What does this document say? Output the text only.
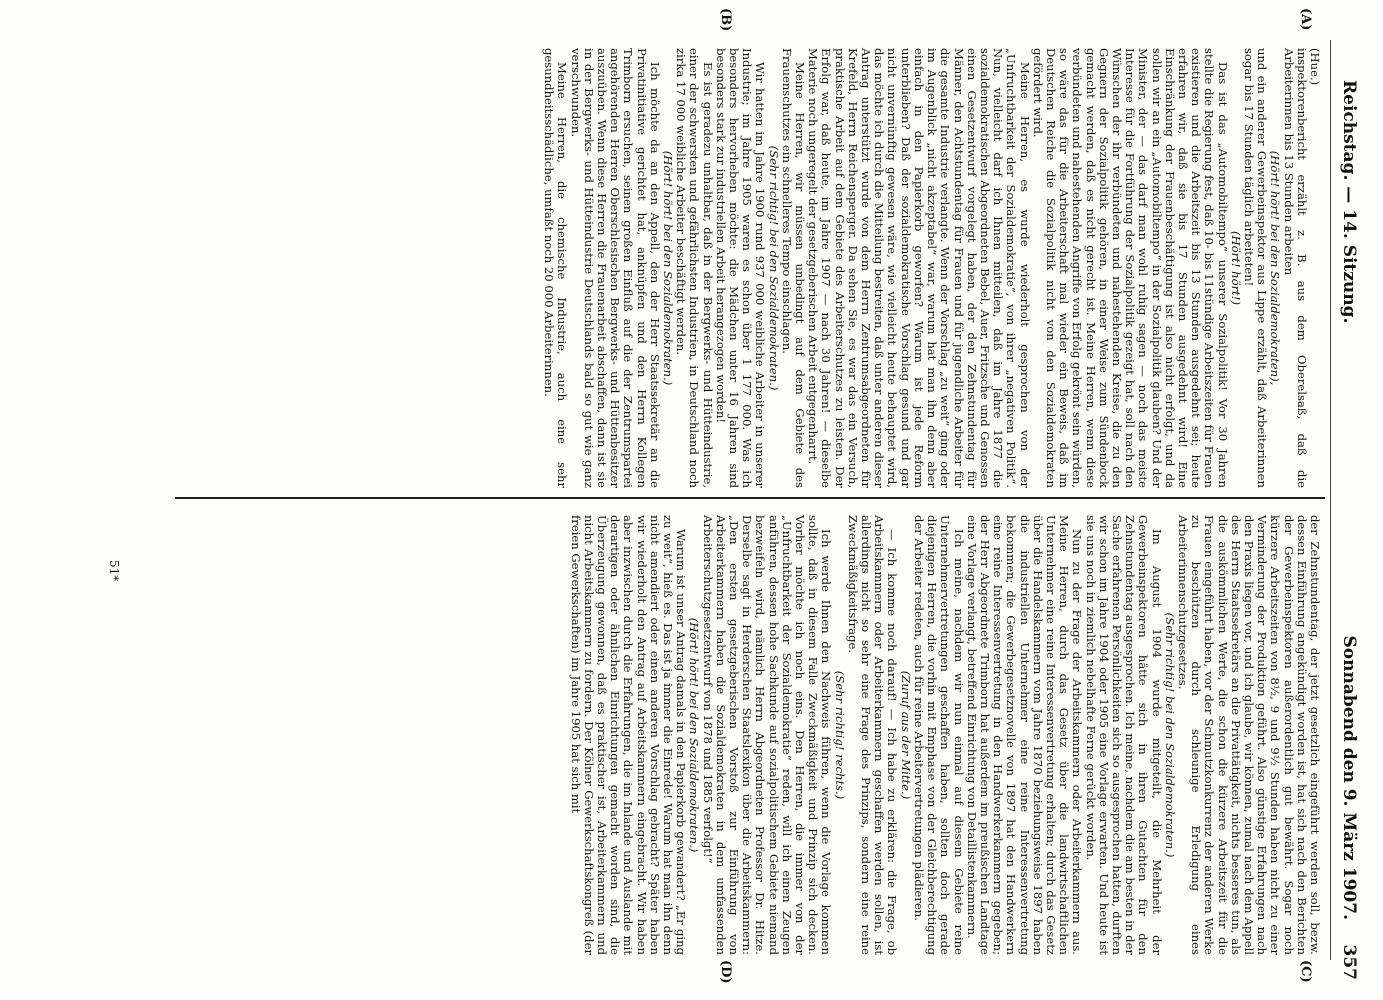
Reichstag. — 14. Sitzung.
Sonnabend den 9. März 1907.
357
(A)
(B)
(C)
(D)

(Hue.)

inspektorenbericht erzählt z. B. aus dem Oberelsaß, daß die Arbeiterinnen bis 13 Stunden arbeiten

(Hört! hört! bei den Sozialdemokraten),

und ein anderer Gewerbeinspektor aus Lippe erzählt, daß Arbeiterinnen sogar bis 17 Stunden täglich arbeiteten!

(Hört! hört!)

Das ist das „Automobiltempo“ unserer Sozialpolitik! Vor 30 Jahren stellte die Regierung fest, daß 10- bis 11stündige Arbeitszeiten für Frauen existieren und die Arbeitszeit bis 13 Stunden ausgedehnt sei; heute erfahren wir, daß sie bis 17 Stunden ausgedehnt wird! Eine Einschränkung der Frauenbeschäftigung ist also nicht erfolgt, und da sollen wir an ein „Automobiltempo“ in der Sozialpolitik glauben? Und der Minister, der — das darf man wohl ruhig sagen — noch das meiste Interesse für die Fortführung der Sozialpolitik gezeigt hat, soll nach den Wünschen der ihr verbündeten und nahestehenden Kreise, die zu den Gegnern der Sozialpolitik gehören, in einer Weise zum Sündenbock gemacht werden, daß es nicht gerecht ist. Meine Herren, wenn diese verbündeten und nahestehenden Angriffe von Erfolg gekrönt sein würden, so wäre das für die Arbeiterschaft mal wieder ein Beweis, daß im Deutschen Reiche die Sozialpolitik nicht von den Sozialdemokraten gefördert wird.

Meine Herren, es wurde wiederholt gesprochen von der „Unfruchtbarkeit der Sozialdemokratie“, von ihrer „negativen Politik“. Nun, vielleicht darf ich Ihnen mitteilen, daß im Jahre 1877 die sozialdemokratischen Abgeordneten Bebel, Auer, Fritzsche und Genossen einen Gesetzentwurf vorgelegt haben, der den Zehnstundentag für Männer, den Achtstundentag für Frauen und für jugendliche Arbeiter für die gesamte Industrie verlangte. Wenn der Vorschlag „zu weit“ ging oder im Augenblick „nicht akzeptabel“ war, warum hat man ihn denn aber einfach in den Papierkorb geworfen? Warum ist jede Reform unterblieben? Daß der sozialdemokratische Vorschlag gesund und gar nicht unvernünftig gewesen wäre, wie vielleicht heute behauptet wird, das möchte ich durch die Mitteilung bestreiten, daß unter anderen dieser Antrag unterstützt wurde von dem Herrn Zentrumsabgeordneten für Krefeld, Herrn Reichensperger. Da sehen Sie, es war das ein Versuch, praktische Arbeit auf dem Gebiete des Arbeiterschutzes zu leisten. Der Erfolg war, daß heute, im Jahre 1907 — nach 30 Jahren! — dieselbe Materie noch ungeregelt der gesetzgeberischen Arbeit entgegenharrt.

Meine Herren, wir müssen unbedingt auf dem Gebiete des Frauenschutzes ein schnelleres Tempo einschlagen.

(Sehr richtig! bei den Sozialdemokraten.)

Wir hatten im Jahre 1900 rund 937 000 weibliche Arbeiter in unserer Industrie; im Jahre 1905 waren es schon über 1 177 000. Was ich besonders hervorheben möchte: die Mädchen unter 16 Jahren sind besonders stark zur industriellen Arbeit herangezogen worden!

Es ist geradezu unhaltbar, daß in der Bergwerks- und Hütteindustrie, einer der schwersten und gefährlichsten Industrien, in Deutschland noch zirka 17 000 weibliche Arbeiter beschäftigt werden.

(Hört! hört! bei den Sozialdemokraten.)

Ich möchte da an den Appell, den der Herr Staatssekretär an die Privatinitiative gerichtet hat, anknüpfen und den Herrn Kollegen Trimborn ersuchen, seinen großen Einfluß auf die der Zentrumspartei angehörenden Herren Oberschlesischen Bergwerks- und Hüttenbesitzer auszuüben. Wenn diese Herren die Frauenarbeit abschaffen, dann ist sie in der Bergwerks- und Hütteindustrie Deutschlands bald so gut wie ganz verschwunden.

Meine Herren, die chemische Industrie, auch eine sehr gesundheitsschädliche, umfaßt noch 20 000 Arbeiterinnen.

der Zehnstundentag, der jetzt gesetzlich eingeführt werden soll, bezw. dessen Einführung angekündigt worden ist, hat sich nach den Berichten der Gewerbeinspektoren außerordentlich gut bewährt. Sogar noch kürzere Arbeitszeiten von 8½, 9 und 9½ Stunden haben nicht zu einer Verminderung der Produktion geführt. Also günstige Erfahrungen nach den Praxis liegen vor, und ich glaube, wir können, zumal nach dem Appell des Herrn Staatssekretärs an die Privattätigkeit, nichts besseres tun, als die auskömmlichen Werte, die schon die kürzere Arbeitszeit für die Frauen eingeführt haben, vor der Schmutzkonkurrenz der anderen Werke zu beschützen durch schleunige Erledigung eines Arbeiterinnenschutzgesetzes.

(Sehr richtig! bei den Sozialdemokraten.)

Im August 1904 wurde mitgeteilt, die Mehrheit der Gewerbeinspektoren hätte sich in ihren Gutachten für den Zehnstundentag ausgesprochen. Ich meine, nachdem die am besten in der Sache erfahrenen Persönlichkeiten sich so ausgesprochen hatten, durften wir schon im Jahre 1904 oder 1905 eine Vorlage erwarten. Und heute ist sie uns noch in ziemlich nebelhafte Ferne gerückt worden.

Nun zu der Frage der Arbeitskammern oder Arbeiterkammern aus. Meine Herren, durch das Gesetz über die landwirtschaftlichen Unternehmer eine reine Interessenvertretung erhalten; durch das Gesetz über die Handelskammern vom Jahre 1870 beziehungsweise 1897 haben die industriellen Unternehmer eine reine Interessenvertretung bekommen; die Gewerbegesetznovelle von 1897 hat den Handwerkern eine reine Interessenvertretung in den Handwerkerkammern gegeben; der Herr Abgeordnete Trimborn hat außerdem im preußischen Landtage eine Vorlage verlangt, betreffend Einrichtung von Detaillistenkammern.

Ich meine, nachdem wir nun einmal auf diesem Gebiete reine Unternehmervertretungen geschaffen haben, sollten doch gerade diejenigen Herren, die vorhin mit Emphase von der Gleichberechtigung der Arbeiter redeten, auch für reine Arbeitervertretungen plädieren.

(Zuruf aus der Mitte.)

— Ich komme noch darauf! — Ich habe zu erklären: die Frage, ob Arbeitskammern oder Arbeiterkammern geschaffen werden sollen, ist allerdings nicht so sehr eine Frage des Prinzips, sondern eine reine Zweckmäßigkeitsfrage.

(Sehr richtig! rechts.)

Ich werde Ihnen den Nachweis führen, wenn die Vorlage kommen sollte, daß in diesem Falle Zweckmäßigkeit und Prinzip sich decken. Vorher möchte ich noch eins. Den Herren, die immer von der „Unfruchtbarkeit der Sozialdemokratie“ reden, will ich einen Zeugen anführen, dessen hohe Sachkunde auf sozialpolitischem Gebiete niemand bezweifeln wird, nämlich Herrn Abgeordneten Professor Dr. Hitze. Derselbe sagt in Herderschen Staatslexikon über die Arbeitskammern: „Den ersten gesetzgeberischen Vorstoß zur Einführung von Arbeiterkammern haben die Sozialdemokraten in dem umfassenden Arbeiterschutzgesetzentwurf von 1878 und 1885 verfolgt!“

(Hört! hört! bei den Sozialdemokraten.)

Warum ist unser Antrag damals in den Papierkorb gewandert? „Er ging zu weit“, hieß es. Das ist ja immer die Einrede! Warum hat man ihn denn nicht amendiert oder einen anderen Vorschlag gebracht? Später haben wir wiederholt den Antrag auf Arbeitskammern eingebracht. Wir haben aber inzwischen durch die Erfahrungen, die im Inlande und Auslande mit derartigen oder ähnlichen Einrichtungen gemacht worden sind, die Überzeugung gewonnen, daß es praktischer ist, Arbeiterkammern und nicht Arbeitskammern zu fordern. Der Kölner Gewerkschaftskongreß (der freien Gewerkschaften) im Jahre 1905 hat sich mit

51*
